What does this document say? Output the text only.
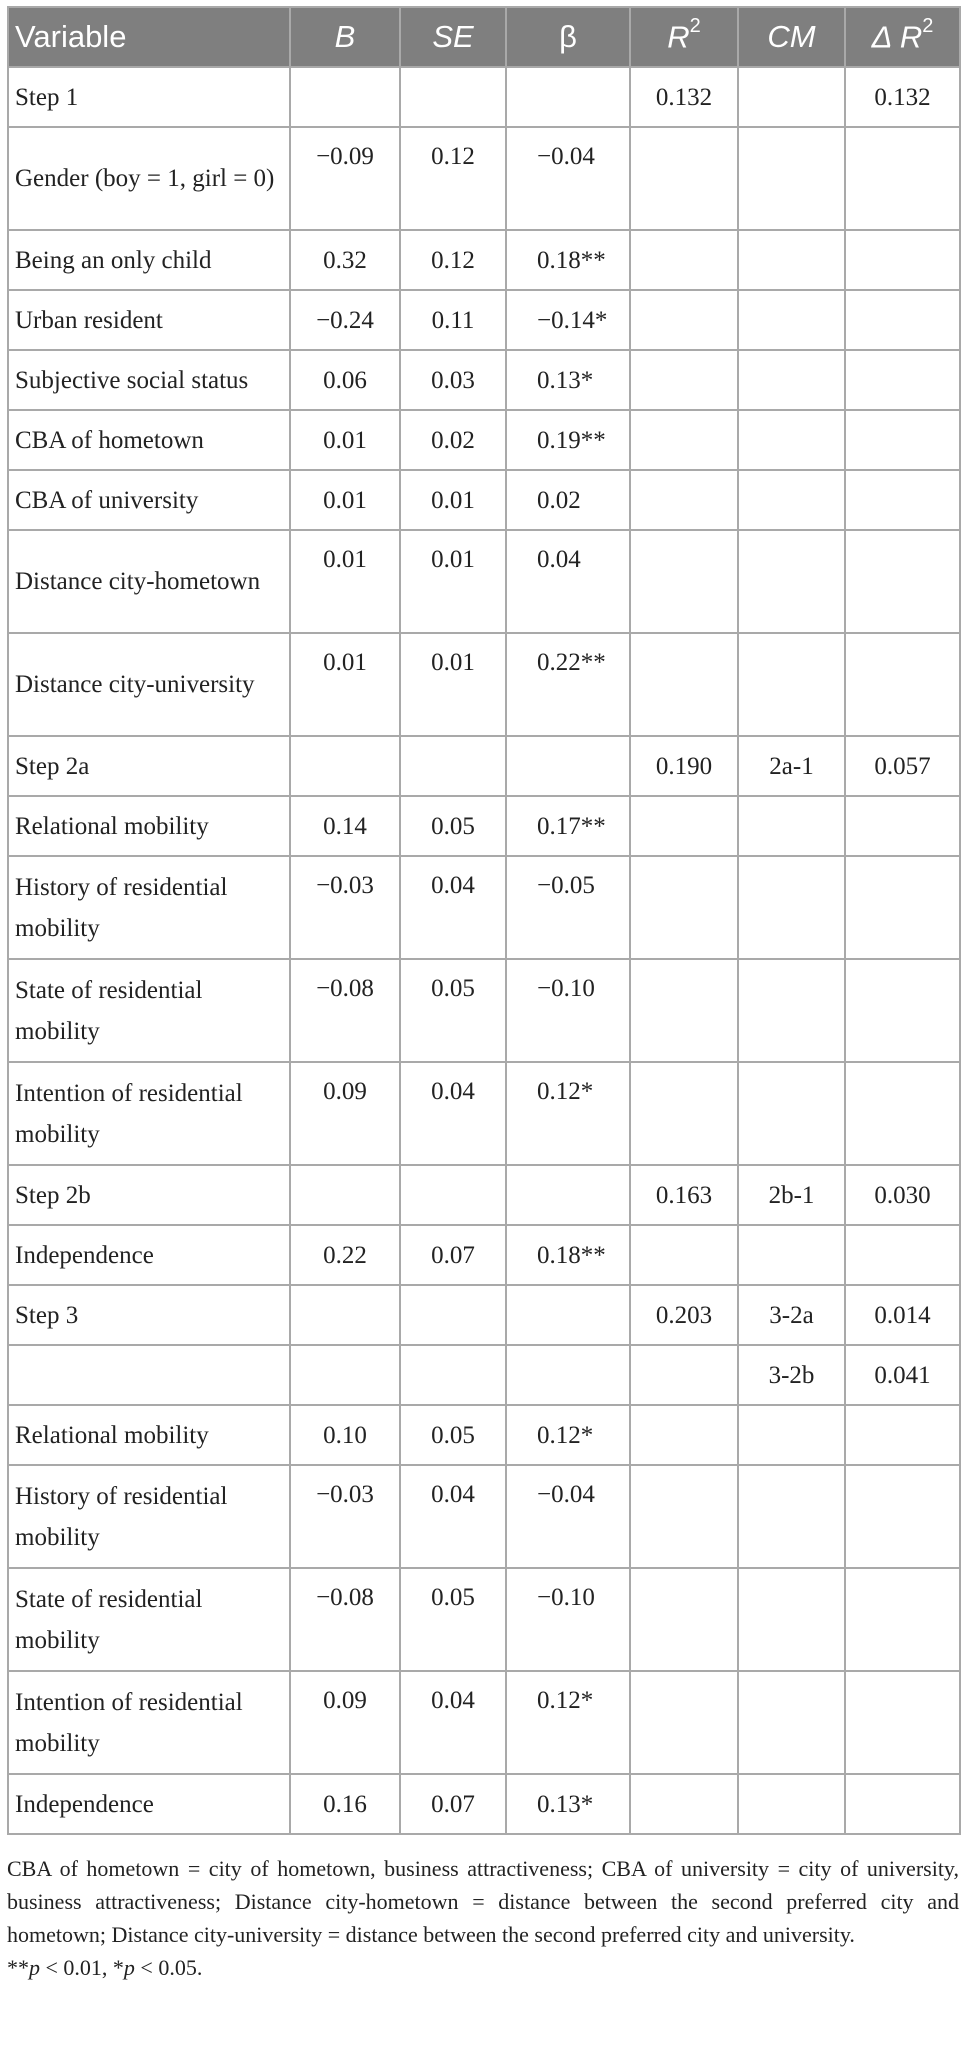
Variable	B	SE	β	$R^2$	CM	Δ $R^2$
Step 1				0.132		0.132
Gender (boy = 1, girl = 0)	−0.09	0.12	−0.04			
Being an only child	0.32	0.12	0.18**			
Urban resident	−0.24	0.11	−0.14*			
Subjective social status	0.06	0.03	0.13*			
CBA of hometown	0.01	0.02	0.19**			
CBA of university	0.01	0.01	0.02			
Distance city-hometown	0.01	0.01	0.04			
Distance city-university	0.01	0.01	0.22**			
Step 2a				0.190	2a-1	0.057
Relational mobility	0.14	0.05	0.17**			
History of residential mobility	−0.03	0.04	−0.05			
State of residential mobility	−0.08	0.05	−0.10			
Intention of residential mobility	0.09	0.04	0.12*			
Step 2b				0.163	2b-1	0.030
Independence	0.22	0.07	0.18**			
Step 3				0.203	3-2a	0.014
					3-2b	0.041
Relational mobility	0.10	0.05	0.12*			
History of residential mobility	−0.03	0.04	−0.04			
State of residential mobility	−0.08	0.05	−0.10			
Intention of residential mobility	0.09	0.04	0.12*			
Independence	0.16	0.07	0.13*			

CBA of hometown = city of hometown, business attractiveness; CBA of university = city of university, business attractiveness; Distance city-hometown = distance between the second preferred city and hometown; Distance city-university = distance between the second preferred city and university.

**p < 0.01, *p < 0.05.
